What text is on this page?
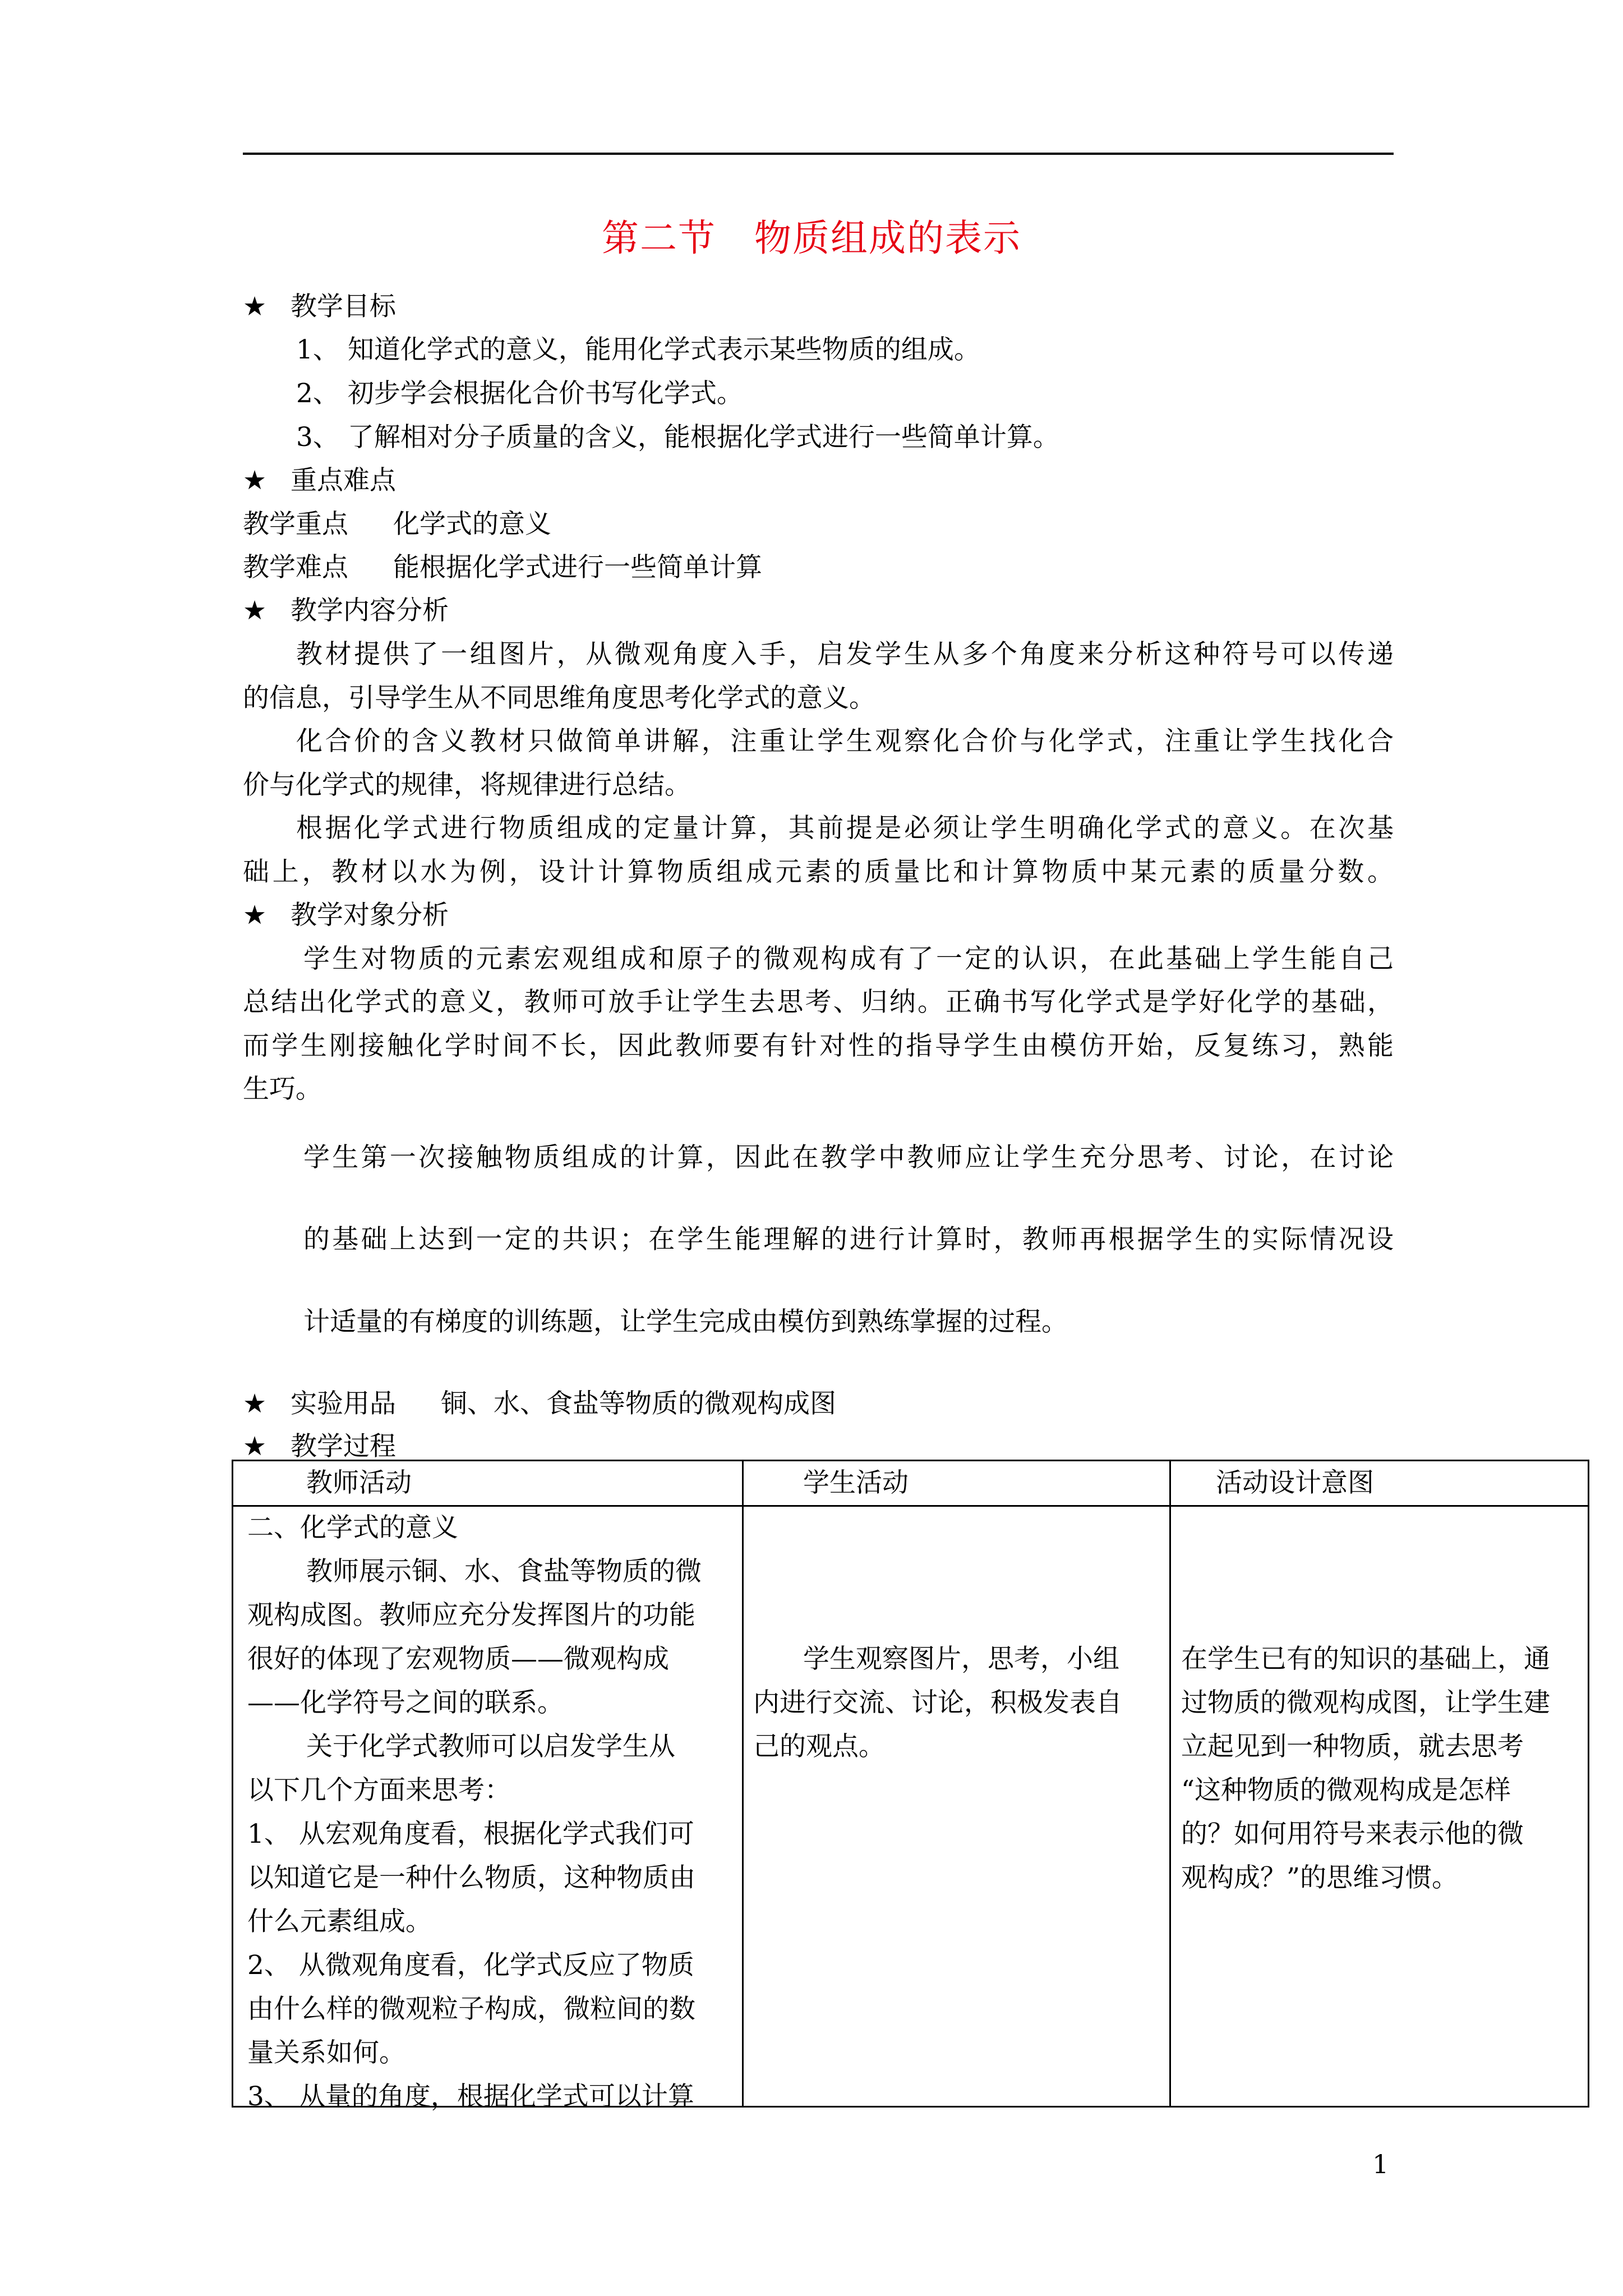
第二节　物质组成的表示
★ 教学目标
1、 知道化学式的意义，能用化学式表示某些物质的组成。
2、 初步学会根据化合价书写化学式。
3、 了解相对分子质量的含义，能根据化学式进行一些简单计算。
★ 重点难点
教学重点 化学式的意义
教学难点 能根据化学式进行一些简单计算
★ 教学内容分析
教材提供了一组图片，从微观角度入手，启发学生从多个角度来分析这种符号可以传递
的信息，引导学生从不同思维角度思考化学式的意义。
化合价的含义教材只做简单讲解，注重让学生观察化合价与化学式，注重让学生找化合
价与化学式的规律，将规律进行总结。
根据化学式进行物质组成的定量计算，其前提是必须让学生明确化学式的意义。在次基
础上，教材以水为例，设计计算物质组成元素的质量比和计算物质中某元素的质量分数。
★ 教学对象分析
学生对物质的元素宏观组成和原子的微观构成有了一定的认识，在此基础上学生能自己
总结出化学式的意义，教师可放手让学生去思考、归纳。正确书写化学式是学好化学的基础，
而学生刚接触化学时间不长，因此教师要有针对性的指导学生由模仿开始，反复练习，熟能
生巧。
学生第一次接触物质组成的计算，因此在教学中教师应让学生充分思考、讨论，在讨论
的基础上达到一定的共识；在学生能理解的进行计算时，教师再根据学生的实际情况设
计适量的有梯度的训练题，让学生完成由模仿到熟练掌握的过程。
★ 实验用品 铜、水、食盐等物质的微观构成图
★ 教学过程
教师活动	学生活动	活动设计意图
二、化学式的意义
教师展示铜、水、食盐等物质的微
观构成图。教师应充分发挥图片的功能
很好的体现了宏观物质——微观构成
——化学符号之间的联系。
关于化学式教师可以启发学生从
以下几个方面来思考：
1、 从宏观角度看，根据化学式我们可
以知道它是一种什么物质，这种物质由
什么元素组成。
2、 从微观角度看，化学式反应了物质
由什么样的微观粒子构成，微粒间的数
量关系如何。
3、 从量的角度，根据化学式可以计算
学生观察图片，思考，小组
内进行交流、讨论，积极发表自
己的观点。
在学生已有的知识的基础上，通
过物质的微观构成图，让学生建
立起见到一种物质，就去思考
“这种物质的微观构成是怎样
的？如何用符号来表示他的微
观构成？”的思维习惯。
1
